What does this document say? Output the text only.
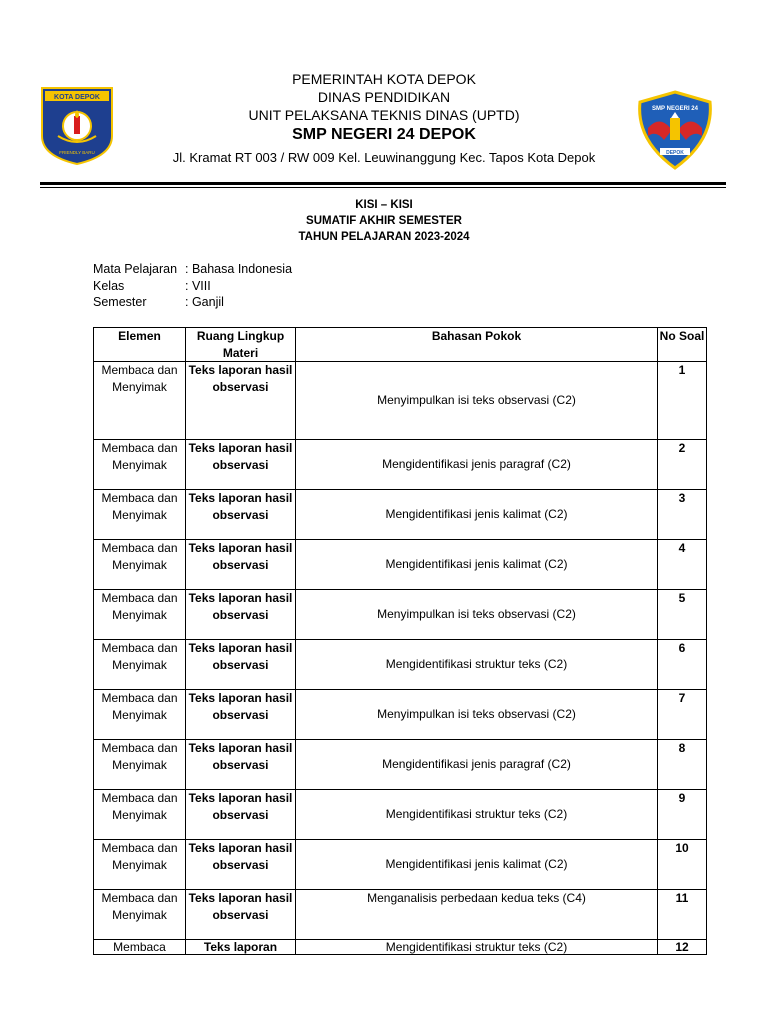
KOTA DEPOK
FRIENDLY BARU
SMP NEGERI 24
DEPOK
PEMERINTAH KOTA DEPOK
DINAS PENDIDIKAN
UNIT PELAKSANA TEKNIS DINAS (UPTD)
SMP NEGERI 24 DEPOK
Jl. Kramat RT 003 / RW 009 Kel. Leuwinanggung Kec. Tapos Kota Depok
KISI – KISI
SUMATIF AKHIR SEMESTER
TAHUN PELAJARAN 2023-2024
Mata Pelajaran : Bahasa Indonesia
Kelas	: VIII
Semester	: Ganjil
Elemen	Ruang Lingkup Materi	Bahasan Pokok	No Soal
Membaca dan Menyimak	Teks laporan hasil observasi	Menyimpulkan isi teks observasi (C2)	1
Membaca dan Menyimak	Teks laporan hasil observasi	Mengidentifikasi jenis paragraf (C2)	2
Membaca dan Menyimak	Teks laporan hasil observasi	Mengidentifikasi jenis kalimat (C2)	3
Membaca dan Menyimak	Teks laporan hasil observasi	Mengidentifikasi jenis kalimat (C2)	4
Membaca dan Menyimak	Teks laporan hasil observasi	Menyimpulkan isi teks observasi (C2)	5
Membaca dan Menyimak	Teks laporan hasil observasi	Mengidentifikasi struktur teks (C2)	6
Membaca dan Menyimak	Teks laporan hasil observasi	Menyimpulkan isi teks observasi (C2)	7
Membaca dan Menyimak	Teks laporan hasil observasi	Mengidentifikasi jenis paragraf (C2)	8
Membaca dan Menyimak	Teks laporan hasil observasi	Mengidentifikasi struktur teks (C2)	9
Membaca dan Menyimak	Teks laporan hasil observasi	Mengidentifikasi jenis kalimat (C2)	10
Membaca dan Menyimak	Teks laporan hasil observasi	Menganalisis perbedaan kedua teks (C4)	11

Membaca	Teks laporan	Mengidentifikasi struktur teks (C2)	12
